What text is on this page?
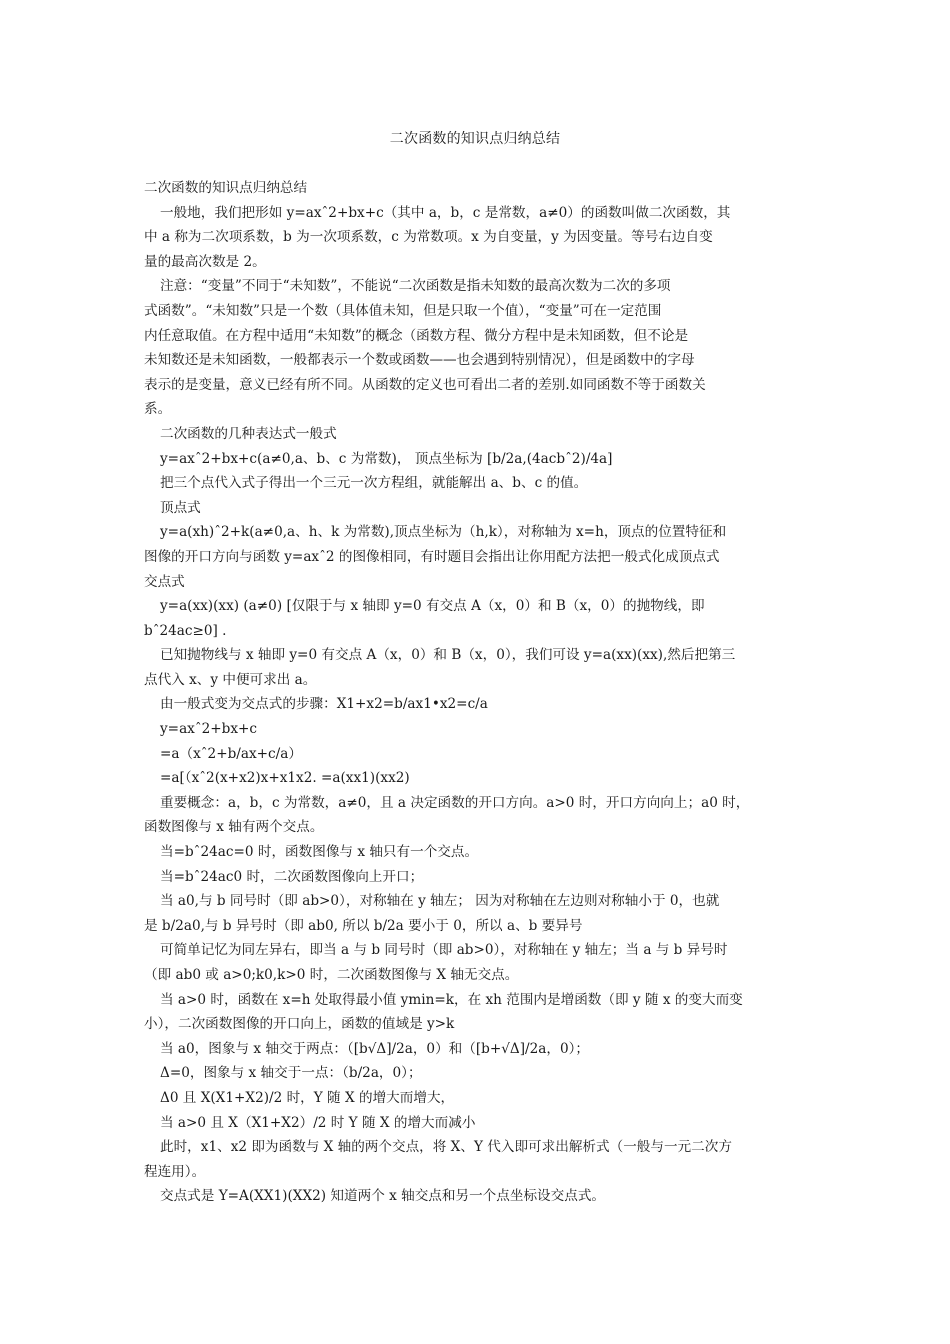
二次函数的知识点归纳总结
二次函数的知识点归纳总结
一般地，我们把形如 y=axˆ2+bx+c（其中 a，b，c 是常数，a≠0）的函数叫做二次函数，其
中 a 称为二次项系数，b 为一次项系数，c 为常数项。x 为自变量，y 为因变量。等号右边自变
量的最高次数是 2。
注意：“变量”不同于“未知数”，不能说“二次函数是指未知数的最高次数为二次的多项
式函数”。“未知数”只是一个数（具体值未知，但是只取一个值），“变量”可在一定范围
内任意取值。在方程中适用“未知数”的概念（函数方程、微分方程中是未知函数，但不论是
未知数还是未知函数，一般都表示一个数或函数——也会遇到特别情况），但是函数中的字母
表示的是变量，意义已经有所不同。从函数的定义也可看出二者的差别.如同函数不等于函数关
系。
二次函数的几种表达式一般式
y=axˆ2+bx+c(a≠0,a、b、c 为常数)， 顶点坐标为 [b/2a,(4acbˆ2)/4a]
把三个点代入式子得出一个三元一次方程组，就能解出 a、b、c 的值。
顶点式
y=a(xh)ˆ2+k(a≠0,a、h、k 为常数),顶点坐标为（h,k），对称轴为 x=h，顶点的位置特征和
图像的开口方向与函数 y=axˆ2 的图像相同，有时题目会指出让你用配方法把一般式化成顶点式
交点式
y=a(xx)(xx) (a≠0) [仅限于与 x 轴即 y=0 有交点 A（x，0）和 B（x，0）的抛物线，即
bˆ24ac≥0] .
已知抛物线与 x 轴即 y=0 有交点 A（x，0）和 B（x，0），我们可设 y=a(xx)(xx),然后把第三
点代入 x、y 中便可求出 a。
由一般式变为交点式的步骤：X1+x2=b/ax1•x2=c/a
y=axˆ2+bx+c
=a（xˆ2+b/ax+c/a）
=a[（xˆ2(x+x2)x+x1x2. =a(xx1)(xx2)
重要概念：a，b，c 为常数，a≠0，且 a 决定函数的开口方向。a>0 时，开口方向向上；a0 时，
函数图像与 x 轴有两个交点。
当=bˆ24ac=0 时，函数图像与 x 轴只有一个交点。
当=bˆ24ac0 时，二次函数图像向上开口；
当 a0,与 b 同号时（即 ab>0），对称轴在 y 轴左； 因为对称轴在左边则对称轴小于 0，也就
是 b/2a0,与 b 异号时（即 ab0, 所以 b/2a 要小于 0，所以 a、b 要异号
可简单记忆为同左异右，即当 a 与 b 同号时（即 ab>0），对称轴在 y 轴左；当 a 与 b 异号时
（即 ab0 或 a>0;k0,k>0 时，二次函数图像与 X 轴无交点。
当 a>0 时，函数在 x=h 处取得最小值 ymin=k，在 xh 范围内是增函数（即 y 随 x 的变大而变
小），二次函数图像的开口向上，函数的值域是 y>k
当 a0，图象与 x 轴交于两点：（[b√Δ]/2a，0）和（[b+√Δ]/2a，0）；
Δ=0，图象与 x 轴交于一点：（b/2a，0）；
Δ0 且 X(X1+X2)/2 时，Y 随 X 的增大而增大，
当 a>0 且 X（X1+X2）/2 时 Y 随 X 的增大而减小
此时，x1、x2 即为函数与 X 轴的两个交点，将 X、Y 代入即可求出解析式（一般与一元二次方
程连用）。
交点式是 Y=A(XX1)(XX2) 知道两个 x 轴交点和另一个点坐标设交点式。
